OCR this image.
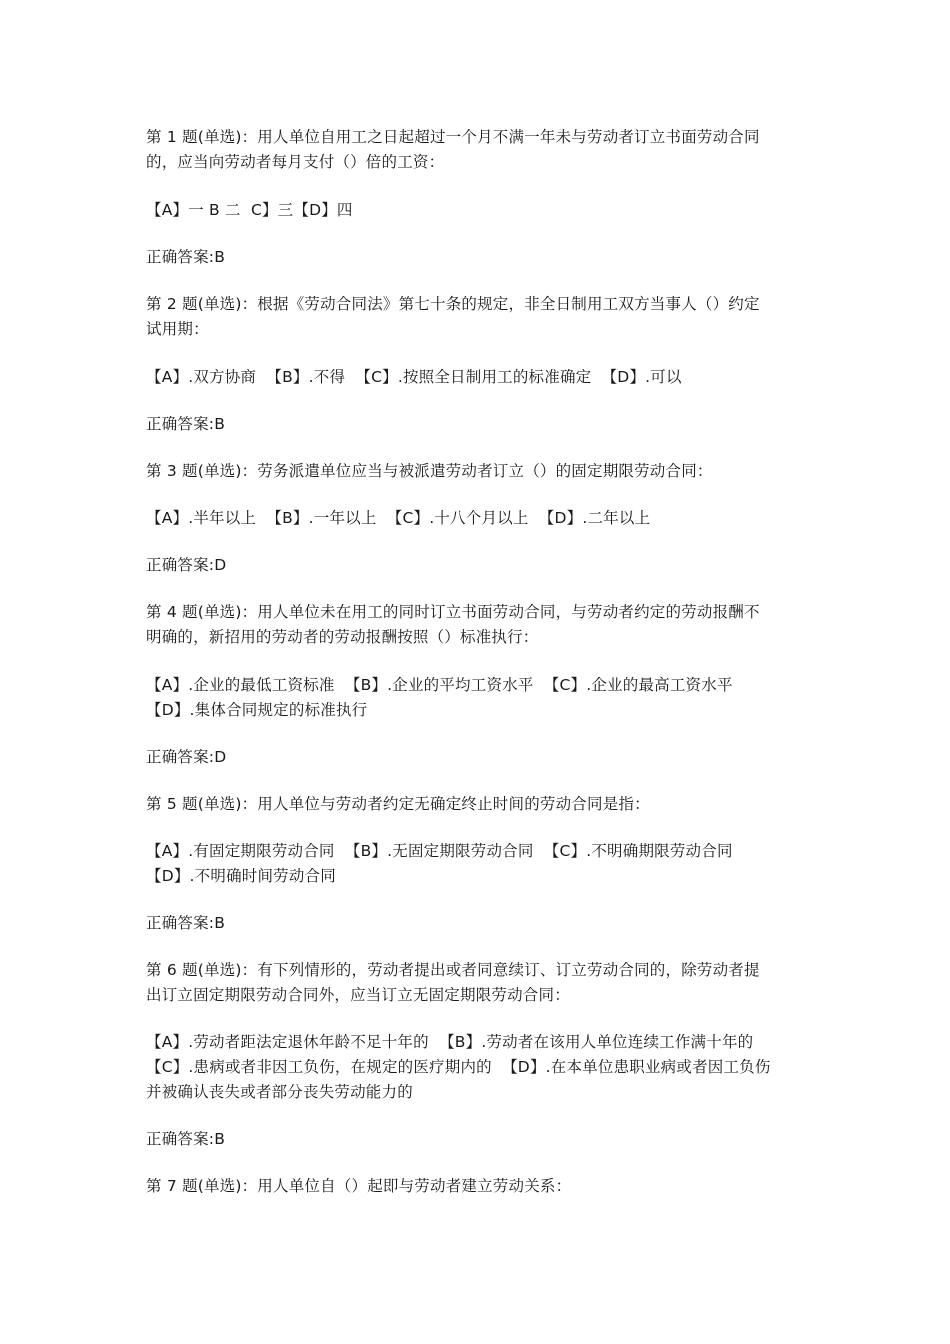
第 1 题(单选)：用人单位自用工之日起超过一个月不满一年未与劳动者订立书面劳动合同
的，应当向劳动者每月支付（）倍的工资：
【A】一 B 二  C】三【D】四
正确答案:B
第 2 题(单选)：根据《劳动合同法》第七十条的规定，非全日制用工双方当事人（）约定
试用期：
【A】.双方协商  【B】.不得  【C】.按照全日制用工的标准确定  【D】.可以
正确答案:B
第 3 题(单选)：劳务派遣单位应当与被派遣劳动者订立（）的固定期限劳动合同：
【A】.半年以上  【B】.一年以上  【C】.十八个月以上  【D】.二年以上
正确答案:D
第 4 题(单选)：用人单位未在用工的同时订立书面劳动合同，与劳动者约定的劳动报酬不
明确的，新招用的劳动者的劳动报酬按照（）标准执行：
【A】.企业的最低工资标准  【B】.企业的平均工资水平  【C】.企业的最高工资水平
【D】.集体合同规定的标准执行
正确答案:D
第 5 题(单选)：用人单位与劳动者约定无确定终止时间的劳动合同是指：
【A】.有固定期限劳动合同  【B】.无固定期限劳动合同  【C】.不明确期限劳动合同
【D】.不明确时间劳动合同
正确答案:B
第 6 题(单选)：有下列情形的，劳动者提出或者同意续订、订立劳动合同的，除劳动者提
出订立固定期限劳动合同外，应当订立无固定期限劳动合同：
【A】.劳动者距法定退休年龄不足十年的  【B】.劳动者在该用人单位连续工作满十年的
【C】.患病或者非因工负伤，在规定的医疗期内的  【D】.在本单位患职业病或者因工负伤
并被确认丧失或者部分丧失劳动能力的
正确答案:B
第 7 题(单选)：用人单位自（）起即与劳动者建立劳动关系：
